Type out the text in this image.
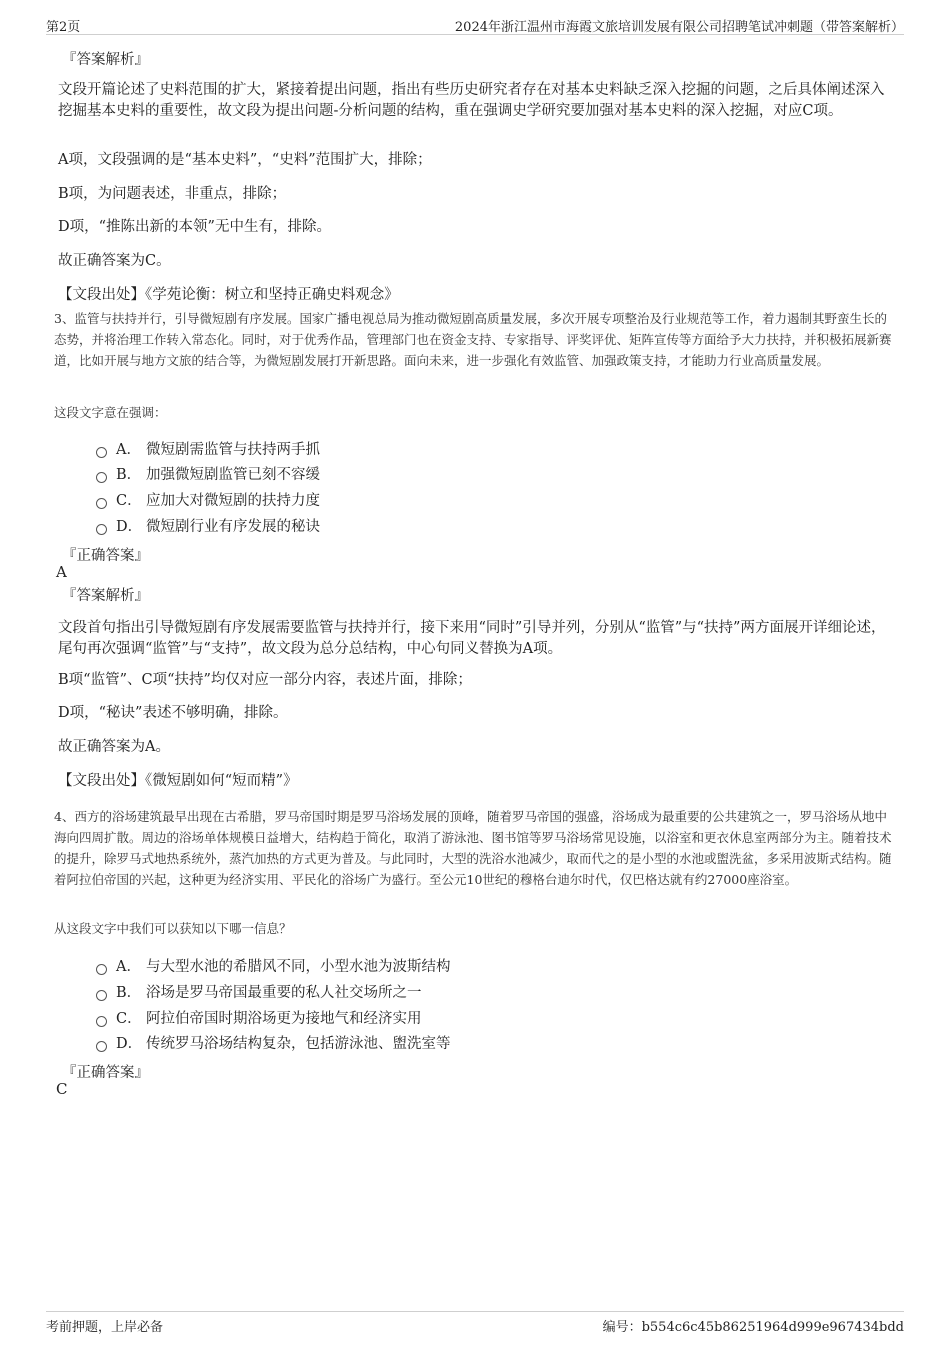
第2页	2024年浙江温州市海霞文旅培训发展有限公司招聘笔试冲刺题（带答案解析）
『答案解析』
文段开篇论述了史料范围的扩大，紧接着提出问题，指出有些历史研究者存在对基本史料缺乏深入挖掘的问题，之后具体阐述深入挖掘基本史料的重要性，故文段为提出问题-分析问题的结构，重在强调史学研究要加强对基本史料的深入挖掘，对应C项。
A项，文段强调的是“基本史料”，“史料”范围扩大，排除；
B项，为问题表述，非重点，排除；
D项，“推陈出新的本领”无中生有，排除。
故正确答案为C。
【文段出处】《学苑论衡：树立和坚持正确史料观念》
3、监管与扶持并行，引导微短剧有序发展。国家广播电视总局为推动微短剧高质量发展，多次开展专项整治及行业规范等工作，着力遏制其野蛮生长的态势，并将治理工作转入常态化。同时，对于优秀作品，管理部门也在资金支持、专家指导、评奖评优、矩阵宣传等方面给予大力扶持，并积极拓展新赛道，比如开展与地方文旅的结合等，为微短剧发展打开新思路。面向未来，进一步强化有效监管、加强政策支持，才能助力行业高质量发展。
这段文字意在强调：
A． 微短剧需监管与扶持两手抓
B． 加强微短剧监管已刻不容缓
C． 应加大对微短剧的扶持力度
D． 微短剧行业有序发展的秘诀
『正确答案』
A
『答案解析』
文段首句指出引导微短剧有序发展需要监管与扶持并行，接下来用“同时”引导并列，分别从“监管”与“扶持”两方面展开详细论述，尾句再次强调“监管”与“支持”，故文段为总分总结构，中心句同义替换为A项。
B项“监管”、C项“扶持”均仅对应一部分内容，表述片面，排除；
D项，“秘诀”表述不够明确，排除。
故正确答案为A。
【文段出处】《微短剧如何“短而精”》
4、西方的浴场建筑最早出现在古希腊，罗马帝国时期是罗马浴场发展的顶峰，随着罗马帝国的强盛，浴场成为最重要的公共建筑之一，罗马浴场从地中海向四周扩散。周边的浴场单体规模日益增大，结构趋于简化，取消了游泳池、图书馆等罗马浴场常见设施，以浴室和更衣休息室两部分为主。随着技术的提升，除罗马式地热系统外，蒸汽加热的方式更为普及。与此同时，大型的洗浴水池减少，取而代之的是小型的水池或盥洗盆，多采用波斯式结构。随着阿拉伯帝国的兴起，这种更为经济实用、平民化的浴场广为盛行。至公元10世纪的穆格台迪尔时代，仅巴格达就有约27000座浴室。
从这段文字中我们可以获知以下哪一信息？
A． 与大型水池的希腊风不同，小型水池为波斯结构
B． 浴场是罗马帝国最重要的私人社交场所之一
C． 阿拉伯帝国时期浴场更为接地气和经济实用
D． 传统罗马浴场结构复杂，包括游泳池、盥洗室等
『正确答案』
C
考前押题，上岸必备	编号：b554c6c45b86251964d999e967434bdd
